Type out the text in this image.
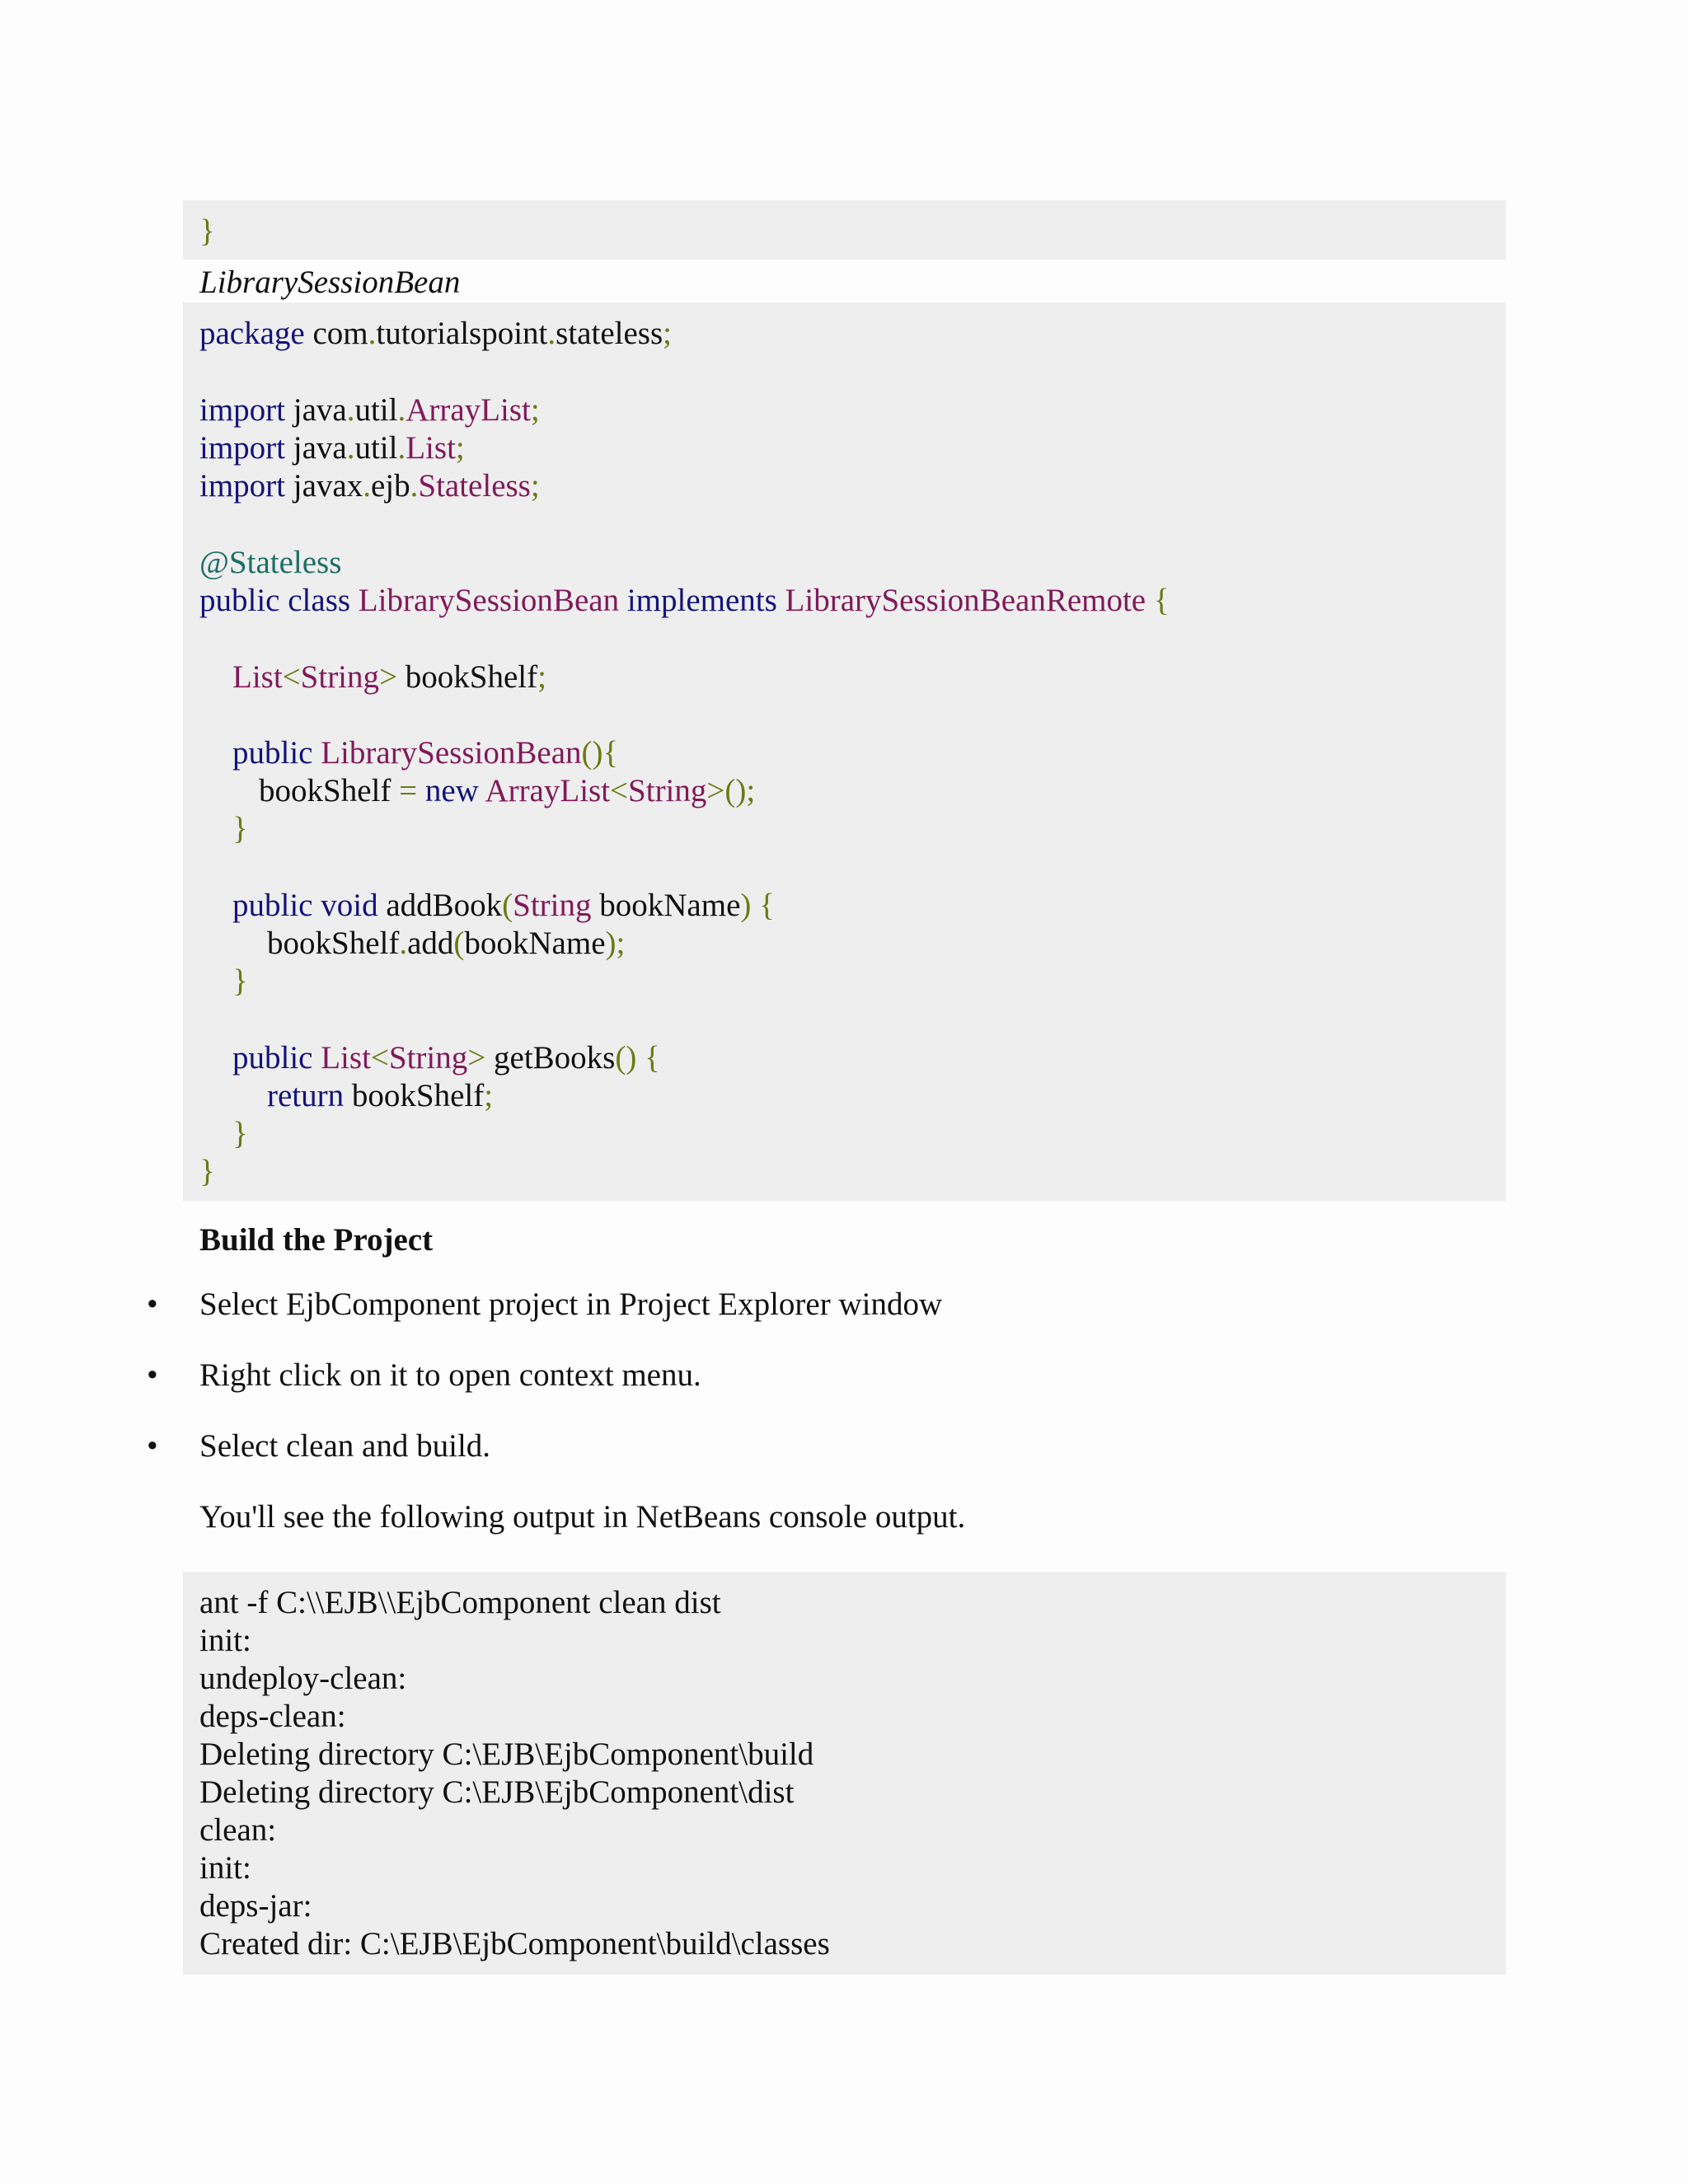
}
LibrarySessionBean
package com.tutorialspoint.stateless;
import java.util.ArrayList;
import java.util.List;
import javax.ejb.Stateless;
@Stateless
public class LibrarySessionBean implements LibrarySessionBeanRemote {
List<String> bookShelf;
public LibrarySessionBean(){
bookShelf = new ArrayList<String>();
}
public void addBook(String bookName) {
bookShelf.add(bookName);
}
public List<String> getBooks() {
return bookShelf;
}
}
Build the Project
•	Select EjbComponent project in Project Explorer window
•	Right click on it to open context menu.
•	Select clean and build.
You'll see the following output in NetBeans console output.
ant -f C:\\EJB\\EjbComponent clean dist
init:
undeploy-clean:
deps-clean:
Deleting directory C:\EJB\EjbComponent\build
Deleting directory C:\EJB\EjbComponent\dist
clean:
init:
deps-jar:
Created dir: C:\EJB\EjbComponent\build\classes
